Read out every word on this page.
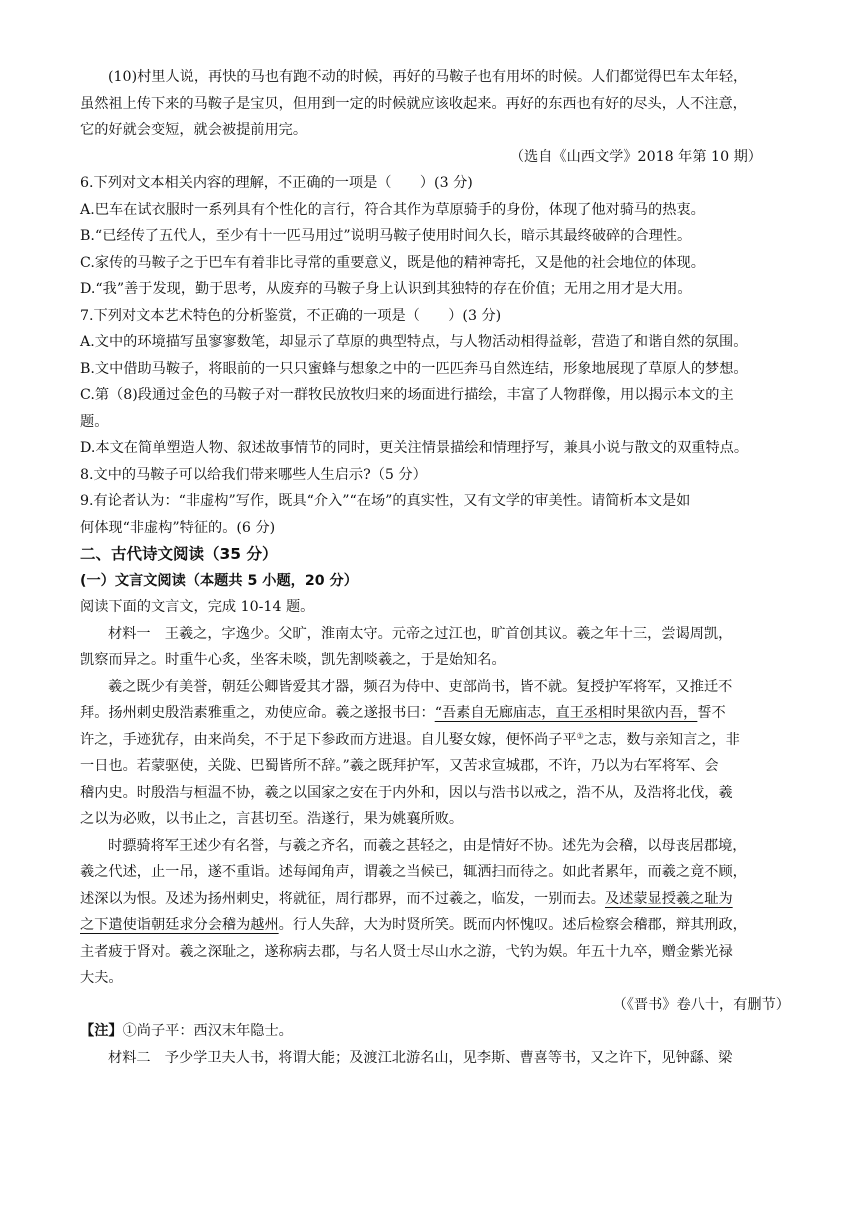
(10)村里人说，再快的马也有跑不动的时候，再好的马鞍子也有用坏的时候。人们都觉得巴车太年轻，

虽然祖上传下来的马鞍子是宝贝，但用到一定的时候就应该收起来。再好的东西也有好的尽头，人不注意，

它的好就会变短，就会被提前用完。

（选自《山西文学》2018 年第 10 期）

6.下列对文本相关内容的理解，不正确的一项是（　　）(3 分)

A.巴车在试衣服时一系列具有个性化的言行，符合其作为草原骑手的身份，体现了他对骑马的热衷。

B.“已经传了五代人，至少有十一匹马用过”说明马鞍子使用时间久长，暗示其最终破碎的合理性。

C.家传的马鞍子之于巴车有着非比寻常的重要意义，既是他的精神寄托，又是他的社会地位的体现。

D.“我”善于发现，勤于思考，从废弃的马鞍子身上认识到其独特的存在价值；无用之用才是大用。

7.下列对文本艺术特色的分析鉴赏，不正确的一项是（　　）(3 分)

A.文中的环境描写虽寥寥数笔，却显示了草原的典型特点，与人物活动相得益彰，营造了和谐自然的氛围。

B.文中借助马鞍子，将眼前的一只只蜜蜂与想象之中的一匹匹奔马自然连结，形象地展现了草原人的梦想。

C.第（8)段通过金色的马鞍子对一群牧民放牧归来的场面进行描绘，丰富了人物群像，用以揭示本文的主

题。

D.本文在简单塑造人物、叙述故事情节的同时，更关注情景描绘和情理抒写，兼具小说与散文的双重特点。

8.文中的马鞍子可以给我们带来哪些人生启示?（5 分）

9.有论者认为：“非虚构”写作，既具“介入”“在场”的真实性，又有文学的审美性。请简析本文是如

何体现“非虚构”特征的。(6 分)

二、古代诗文阅读（35 分）

(一）文言文阅读（本题共 5 小题，20 分）

阅读下面的文言文，完成 10-14 题。

材料一　王羲之，字逸少。父旷，淮南太守。元帝之过江也，旷首创其议。羲之年十三，尝谒周凯，

凯察而异之。时重牛心炙，坐客未啖，凯先割啖羲之，于是始知名。

羲之既少有美誉，朝廷公卿皆爱其才器，频召为侍中、吏部尚书，皆不就。复授护军将军，又推迁不

拜。扬州刺史殷浩素雅重之，劝使应命。羲之遂报书曰：“吾素自无廊庙志，直王丞相时果欲内吾，誓不

许之，手迹犹存，由来尚矣，不于足下参政而方进退。自儿娶女嫁，便怀尚子平①之志，数与亲知言之，非

一日也。若蒙驱使，关陇、巴蜀皆所不辞。”羲之既拜护军，又苦求宣城郡，不许，乃以为右军将军、会

稽内史。时殷浩与桓温不协，羲之以国家之安在于内外和，因以与浩书以戒之，浩不从，及浩将北伐，羲

之以为必败，以书止之，言甚切至。浩遂行，果为姚襄所败。

时骠骑将军王述少有名誉，与羲之齐名，而羲之甚轻之，由是情好不协。述先为会稽，以母丧居郡境，

羲之代述，止一吊，遂不重诣。述每闻角声，谓羲之当候已，辄洒扫而待之。如此者累年，而羲之竟不顾，

述深以为恨。及述为扬州刺史，将就征，周行郡界，而不过羲之，临发，一别而去。及述蒙显授羲之耻为

之下遣使诣朝廷求分会稽为越州。行人失辞，大为时贤所笑。既而内怀愧叹。述后检察会稽郡，辩其刑政，

主者疲于肾对。羲之深耻之，遂称病去郡，与名人贤士尽山水之游，弋钓为娱。年五十九卒，赠金紫光禄

大夫。

（《晋书》卷八十，有删节）

【注】①尚子平：西汉末年隐士。

材料二　予少学卫夫人书，将谓大能；及渡江北游名山，见李斯、曹喜等书，又之许下，见钟繇、梁
